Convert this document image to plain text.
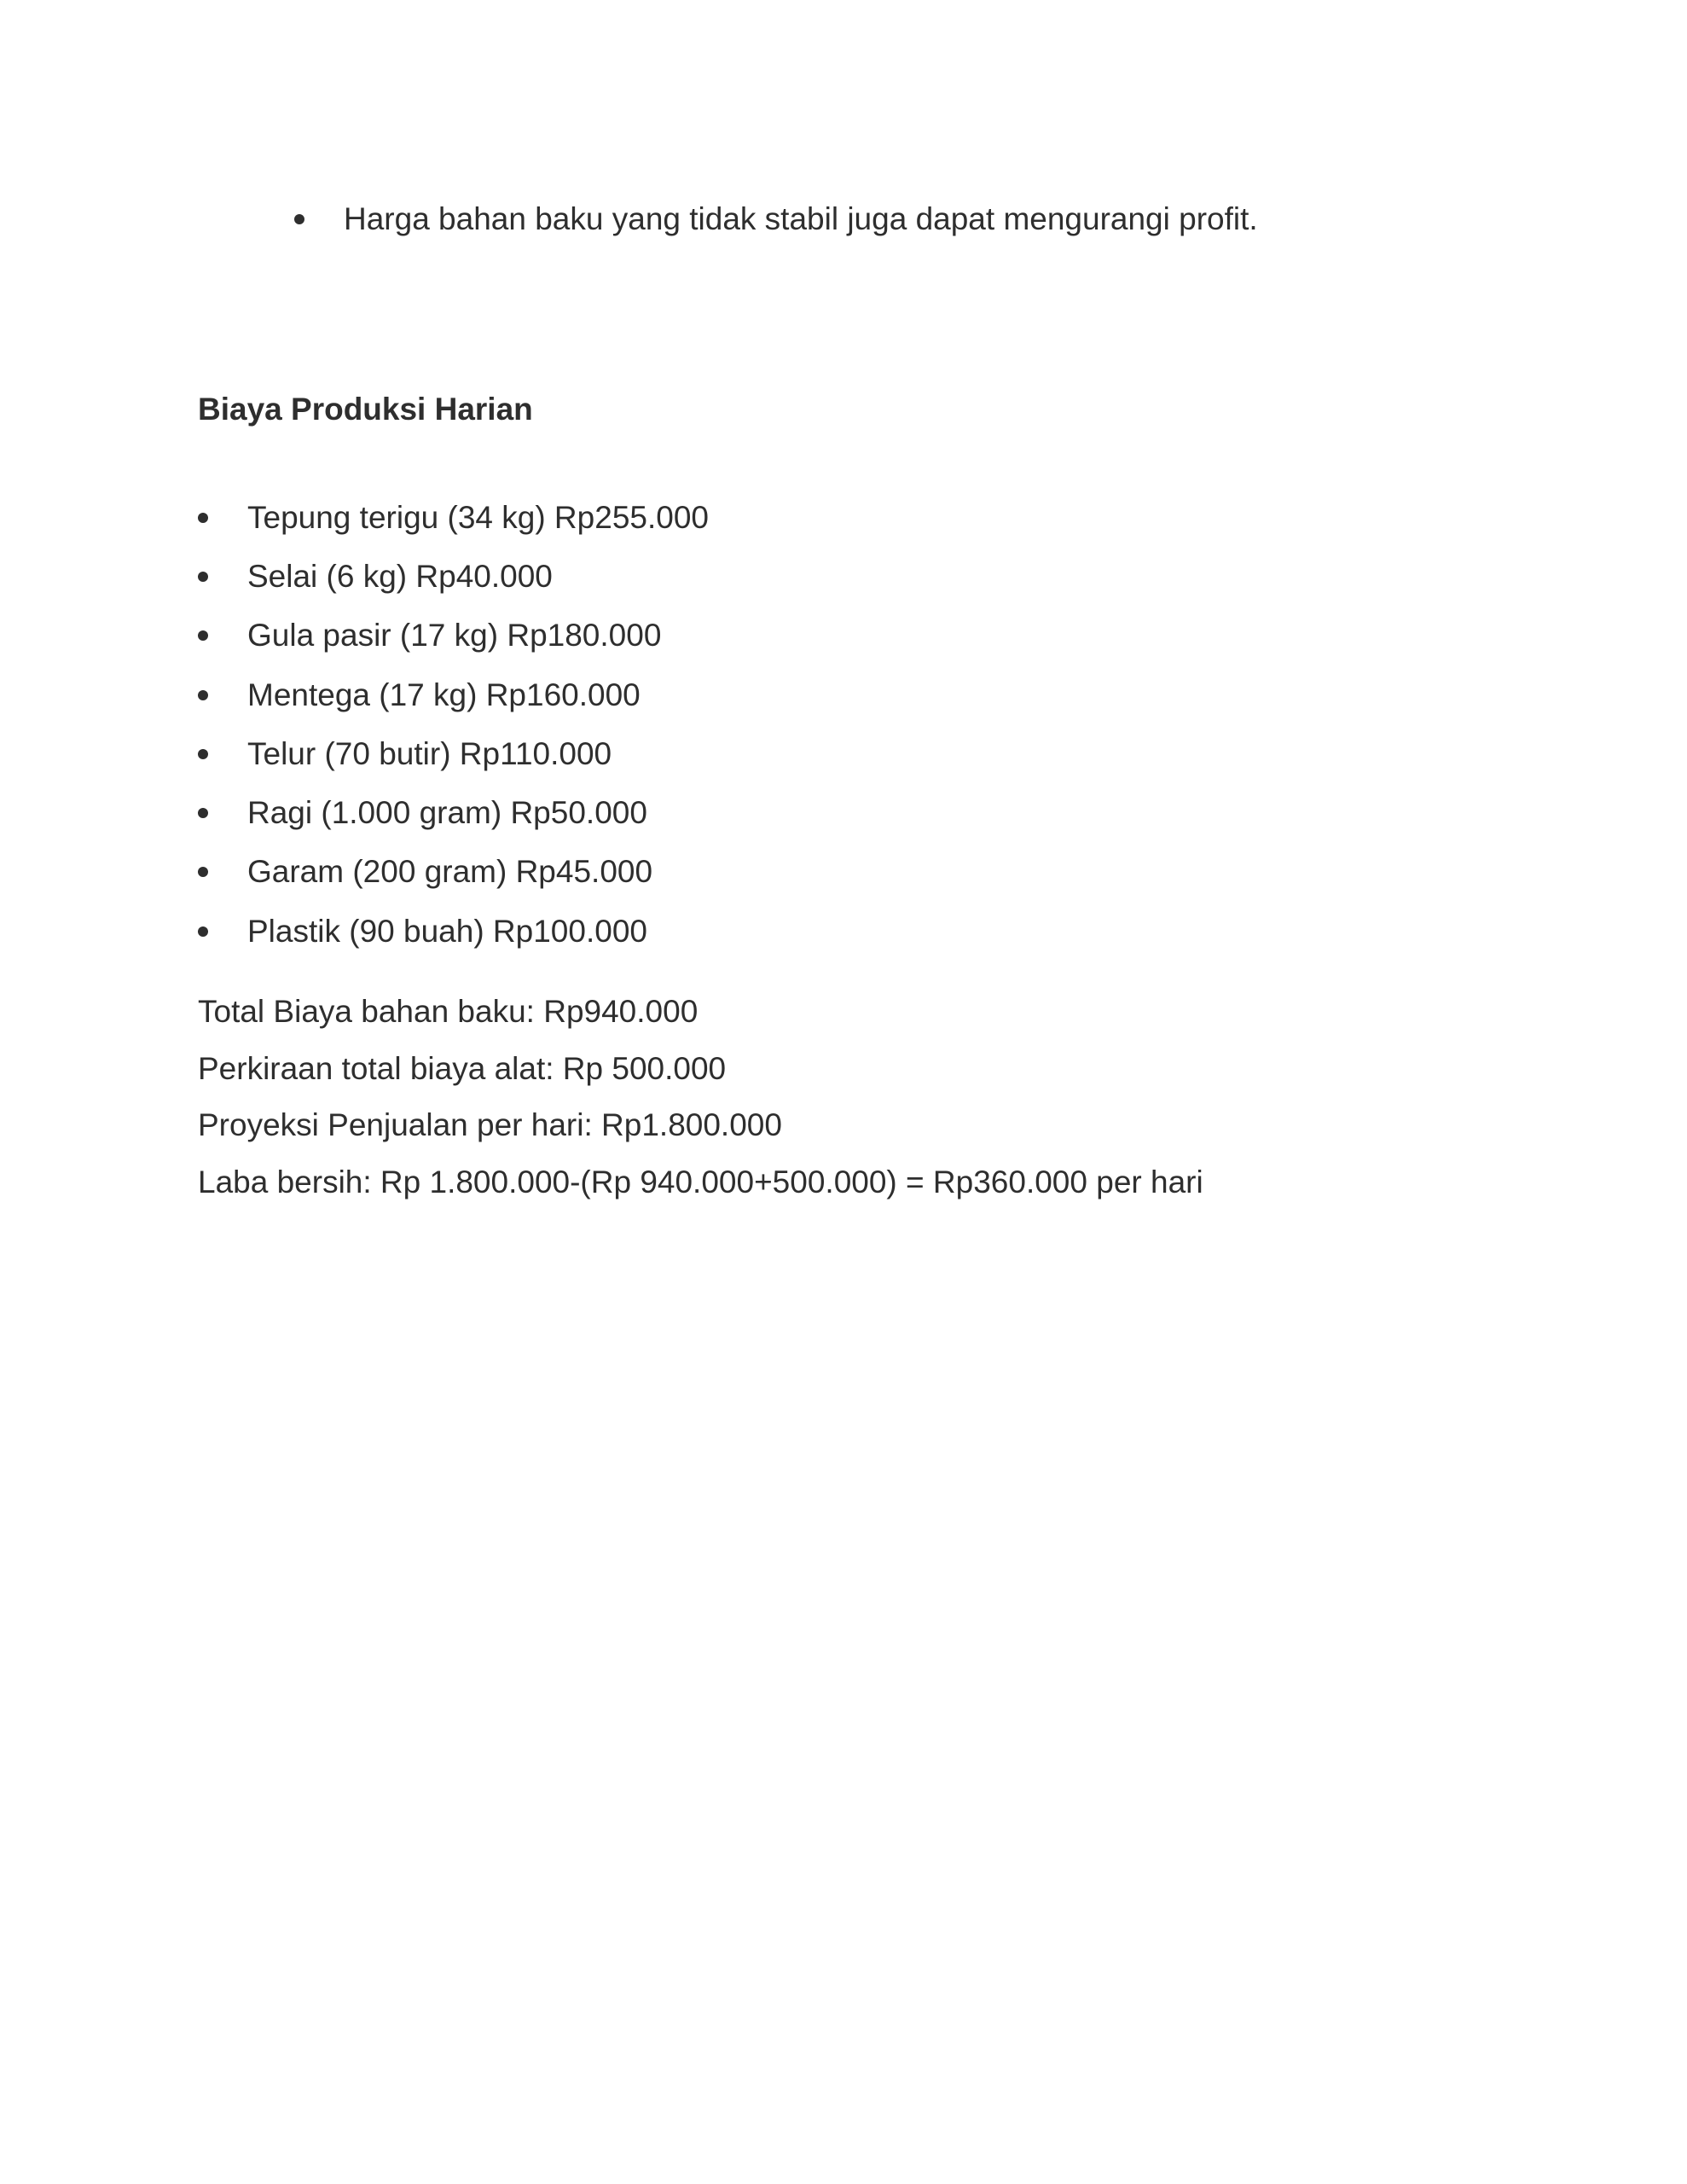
Harga bahan baku yang tidak stabil juga dapat mengurangi profit.
Biaya Produksi Harian
Tepung terigu (34 kg) Rp255.000
Selai (6 kg) Rp40.000
Gula pasir (17 kg) Rp180.000
Mentega (17 kg) Rp160.000
Telur (70 butir) Rp110.000
Ragi (1.000 gram) Rp50.000
Garam (200 gram) Rp45.000
Plastik (90 buah) Rp100.000
Total Biaya bahan baku: Rp940.000
Perkiraan total biaya alat: Rp 500.000
Proyeksi Penjualan per hari: Rp1.800.000
Laba bersih: Rp 1.800.000-(Rp 940.000+500.000) = Rp360.000 per hari
